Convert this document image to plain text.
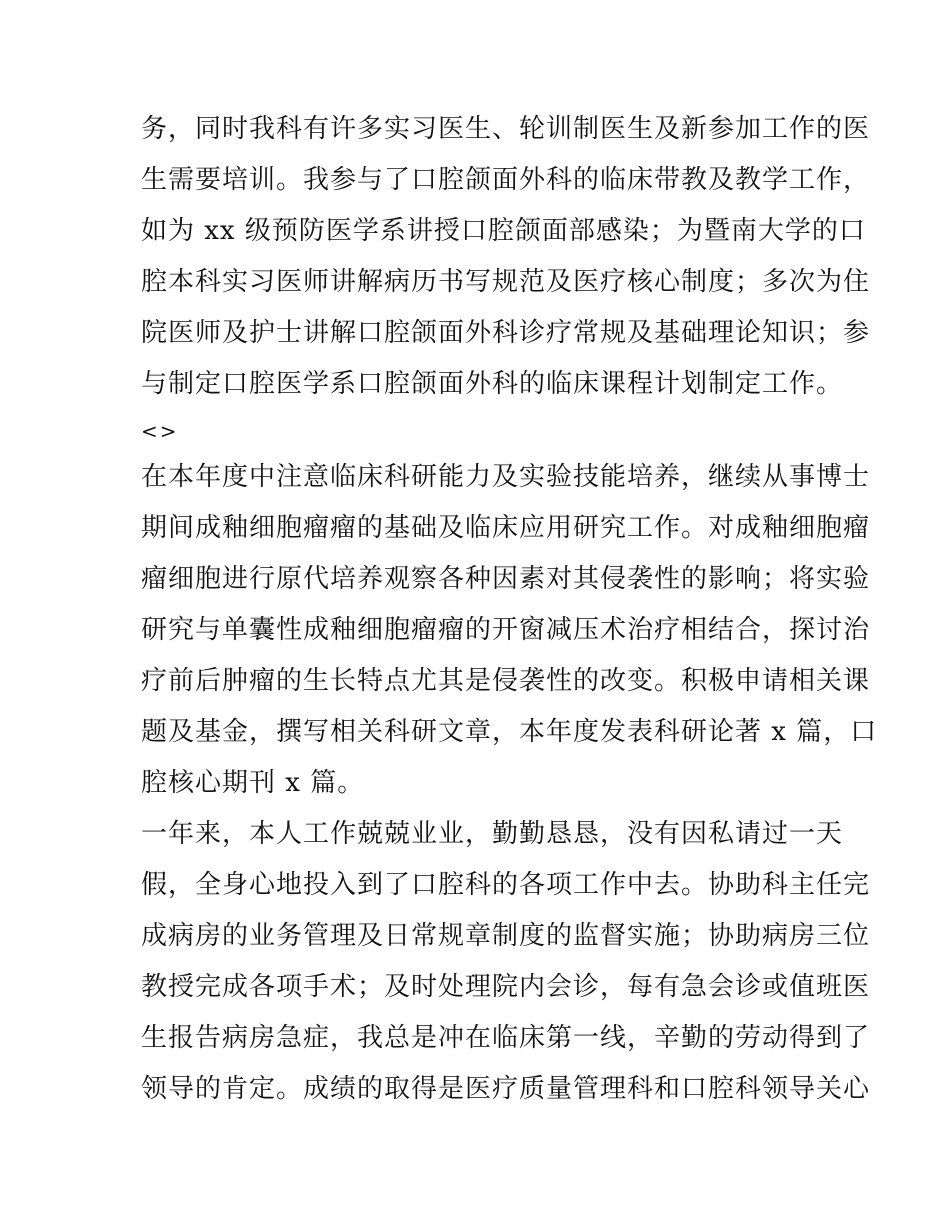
务，同时我科有许多实习医生、轮训制医生及新参加工作的医
生需要培训。我参与了口腔颌面外科的临床带教及教学工作，
如为 xx 级预防医学系讲授口腔颌面部感染；为暨南大学的口
腔本科实习医师讲解病历书写规范及医疗核心制度；多次为住
院医师及护士讲解口腔颌面外科诊疗常规及基础理论知识；参
与制定口腔医学系口腔颌面外科的临床课程计划制定工作。
<>
在本年度中注意临床科研能力及实验技能培养，继续从事博士
期间成釉细胞瘤瘤的基础及临床应用研究工作。对成釉细胞瘤
瘤细胞进行原代培养观察各种因素对其侵袭性的影响；将实验
研究与单囊性成釉细胞瘤瘤的开窗减压术治疗相结合，探讨治
疗前后肿瘤的生长特点尤其是侵袭性的改变。积极申请相关课
题及基金，撰写相关科研文章，本年度发表科研论著 x 篇，口
腔核心期刊 x 篇。
一年来，本人工作兢兢业业，勤勤恳恳，没有因私请过一天
假，全身心地投入到了口腔科的各项工作中去。协助科主任完
成病房的业务管理及日常规章制度的监督实施；协助病房三位
教授完成各项手术；及时处理院内会诊，每有急会诊或值班医
生报告病房急症，我总是冲在临床第一线，辛勤的劳动得到了
领导的肯定。成绩的取得是医疗质量管理科和口腔科领导关心
